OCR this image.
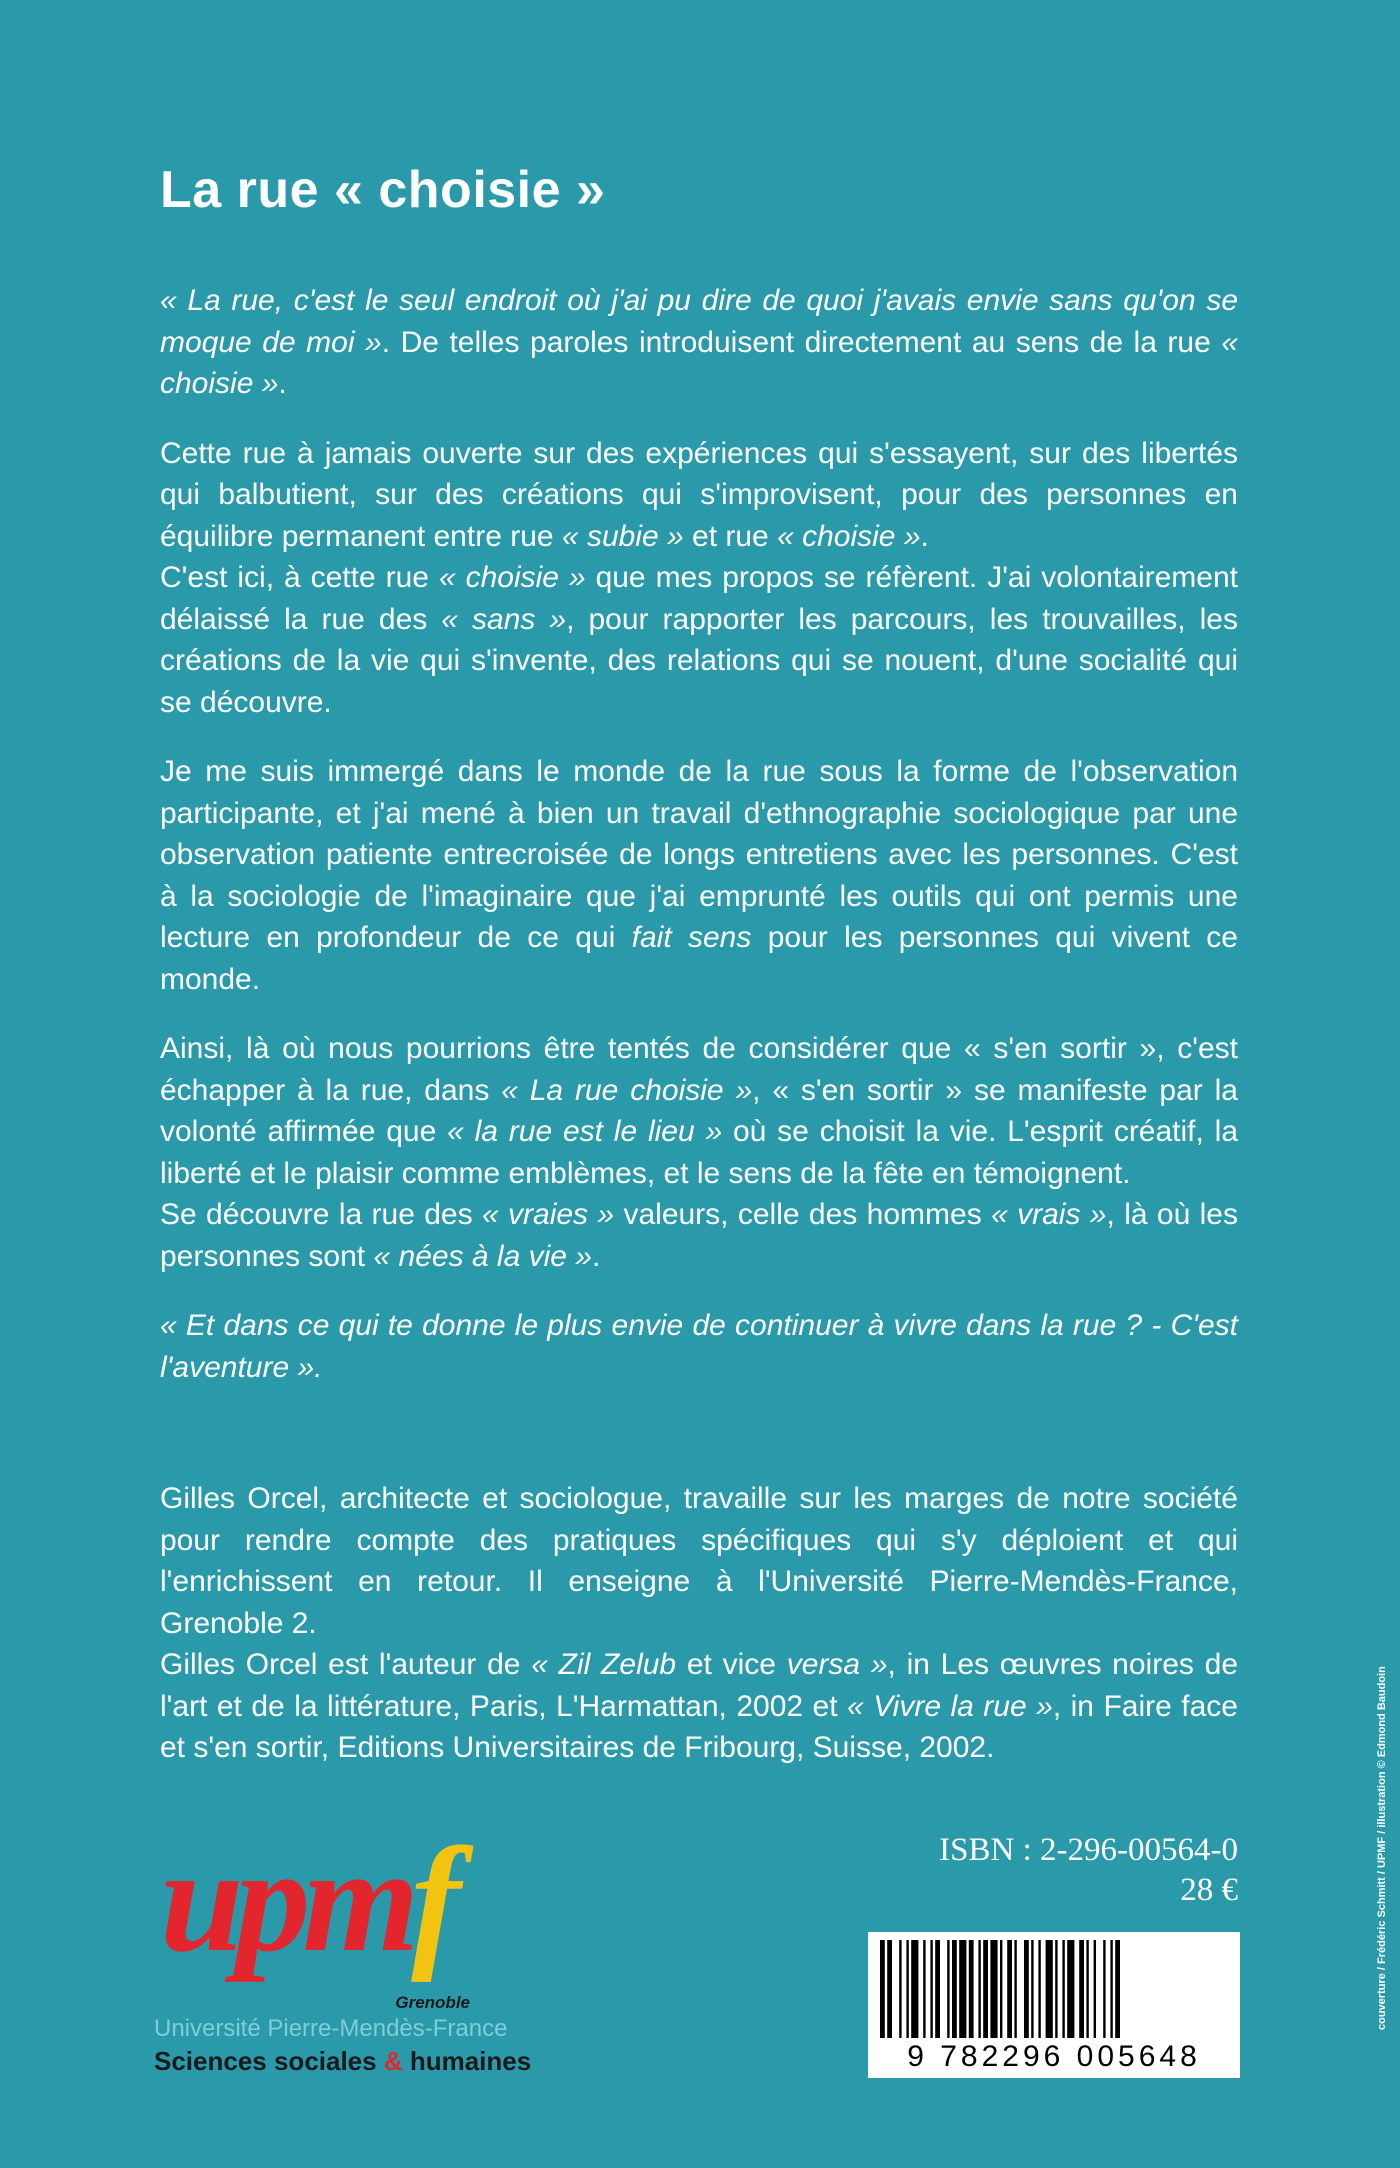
La rue « choisie »

« La rue, c'est le seul endroit où j'ai pu dire de quoi j'avais envie sans qu'on se moque de moi ». De telles paroles introduisent directement au sens de la rue « choisie ».

Cette rue à jamais ouverte sur des expériences qui s'essayent, sur des libertés qui balbutient, sur des créations qui s'improvisent, pour des personnes en équilibre permanent entre rue « subie » et rue « choisie ».

C'est ici, à cette rue « choisie » que mes propos se réfèrent. J'ai volontairement délaissé la rue des « sans », pour rapporter les parcours, les trouvailles, les créations de la vie qui s'invente, des relations qui se nouent, d'une socialité qui se découvre.

Je me suis immergé dans le monde de la rue sous la forme de l'observation participante, et j'ai mené à bien un travail d'ethnographie sociologique par une observation patiente entrecroisée de longs entretiens avec les personnes. C'est à la sociologie de l'imaginaire que j'ai emprunté les outils qui ont permis une lecture en profondeur de ce qui fait sens pour les personnes qui vivent ce monde.

Ainsi, là où nous pourrions être tentés de considérer que « s'en sortir », c'est échapper à la rue, dans « La rue choisie », « s'en sortir » se manifeste par la volonté affirmée que « la rue est le lieu » où se choisit la vie. L'esprit créatif, la liberté et le plaisir comme emblèmes, et le sens de la fête en témoignent.

Se découvre la rue des « vraies » valeurs, celle des hommes « vrais », là où les personnes sont « nées à la vie ».

« Et dans ce qui te donne le plus envie de continuer à vivre dans la rue ? - C'est l'aventure ».

Gilles Orcel, architecte et sociologue, travaille sur les marges de notre société pour rendre compte des pratiques spécifiques qui s'y déploient et qui l'enrichissent en retour. Il enseigne à l'Université Pierre-Mendès-France, Grenoble 2.

Gilles Orcel est l'auteur de « Zil Zelub et vice versa », in Les œuvres noires de l'art et de la littérature, Paris, L'Harmattan, 2002 et « Vivre la rue », in Faire face et s'en sortir, Editions Universitaires de Fribourg, Suisse, 2002.

upmf
Grenoble
Université Pierre-Mendès-France
Sciences sociales & humaines
ISBN : 2-296-00564-0
28 €
9 782296 005648
couverture / Frédéric Schmitt / UPMF / illustration © Edmond Baudoin
